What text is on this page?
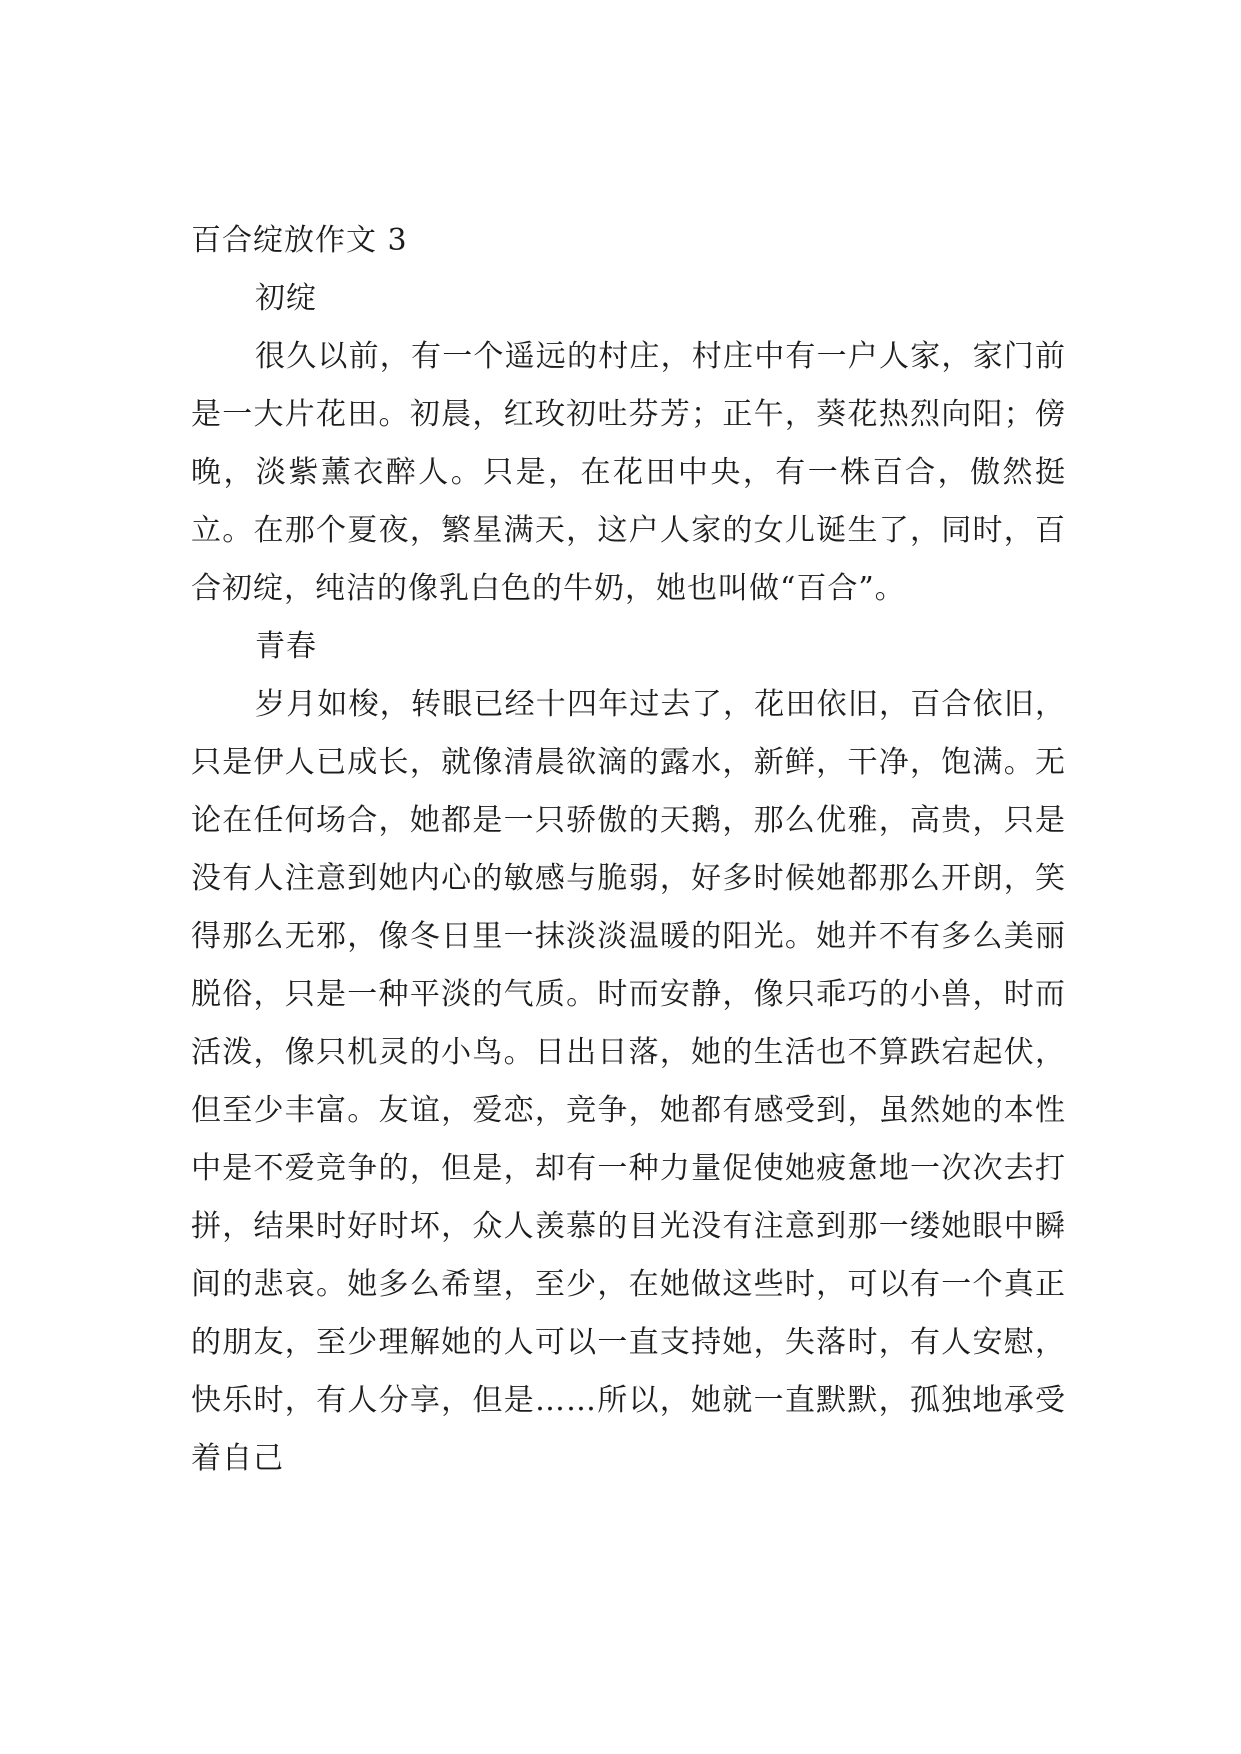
百合绽放作文 3
初绽

很久以前，有一个遥远的村庄，村庄中有一户人家，家门前是一大片花田。初晨，红玫初吐芬芳；正午，葵花热烈向阳；傍晚，淡紫薰衣醉人。只是，在花田中央，有一株百合，傲然挺立。在那个夏夜，繁星满天，这户人家的女儿诞生了，同时，百合初绽，纯洁的像乳白色的牛奶，她也叫做“百合”。

青春

岁月如梭，转眼已经十四年过去了，花田依旧，百合依旧，只是伊人已成长，就像清晨欲滴的露水，新鲜，干净，饱满。无论在任何场合，她都是一只骄傲的天鹅，那么优雅，高贵，只是没有人注意到她内心的敏感与脆弱，好多时候她都那么开朗，笑得那么无邪，像冬日里一抹淡淡温暖的阳光。她并不有多么美丽脱俗，只是一种平淡的气质。时而安静，像只乖巧的小兽，时而活泼，像只机灵的小鸟。日出日落，她的生活也不算跌宕起伏，但至少丰富。友谊，爱恋，竞争，她都有感受到，虽然她的本性中是不爱竞争的，但是，却有一种力量促使她疲惫地一次次去打拼，结果时好时坏，众人羡慕的目光没有注意到那一缕她眼中瞬间的悲哀。她多么希望，至少，在她做这些时，可以有一个真正的朋友，至少理解她的人可以一直支持她，失落时，有人安慰，快乐时，有人分享，但是……所以，她就一直默默，孤独地承受着自己
